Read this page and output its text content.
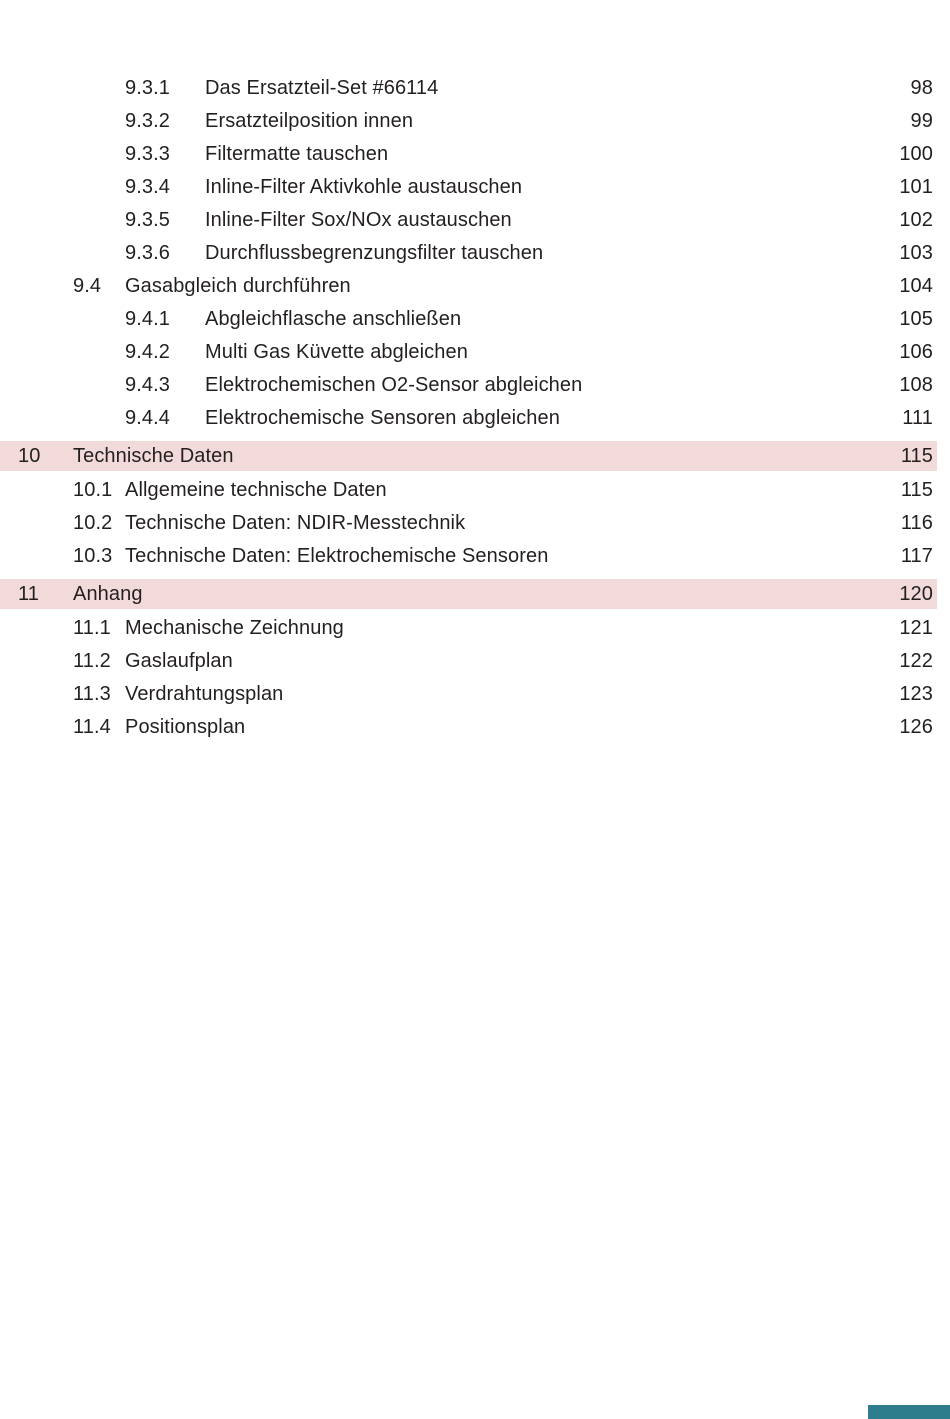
9.3.1	Das Ersatzteil-Set #66114	98
9.3.2	Ersatzteilposition innen	99
9.3.3	Filtermatte tauschen	100
9.3.4	Inline-Filter Aktivkohle austauschen	101
9.3.5	Inline-Filter Sox/NOx austauschen	102
9.3.6	Durchflussbegrenzungsfilter tauschen	103
9.4	Gasabgleich durchführen	104
9.4.1	Abgleichflasche anschließen	105
9.4.2	Multi Gas Küvette abgleichen	106
9.4.3	Elektrochemischen O2-Sensor abgleichen	108
9.4.4	Elektrochemische Sensoren abgleichen	111
10	Technische Daten	115
10.1 Allgemeine technische Daten	115
10.2 Technische Daten: NDIR-Messtechnik	116
10.3 Technische Daten: Elektrochemische Sensoren	117
11	Anhang	120
11.1 Mechanische Zeichnung	121
11.2 Gaslaufplan	122
11.3 Verdrahtungsplan	123
11.4 Positionsplan	126
